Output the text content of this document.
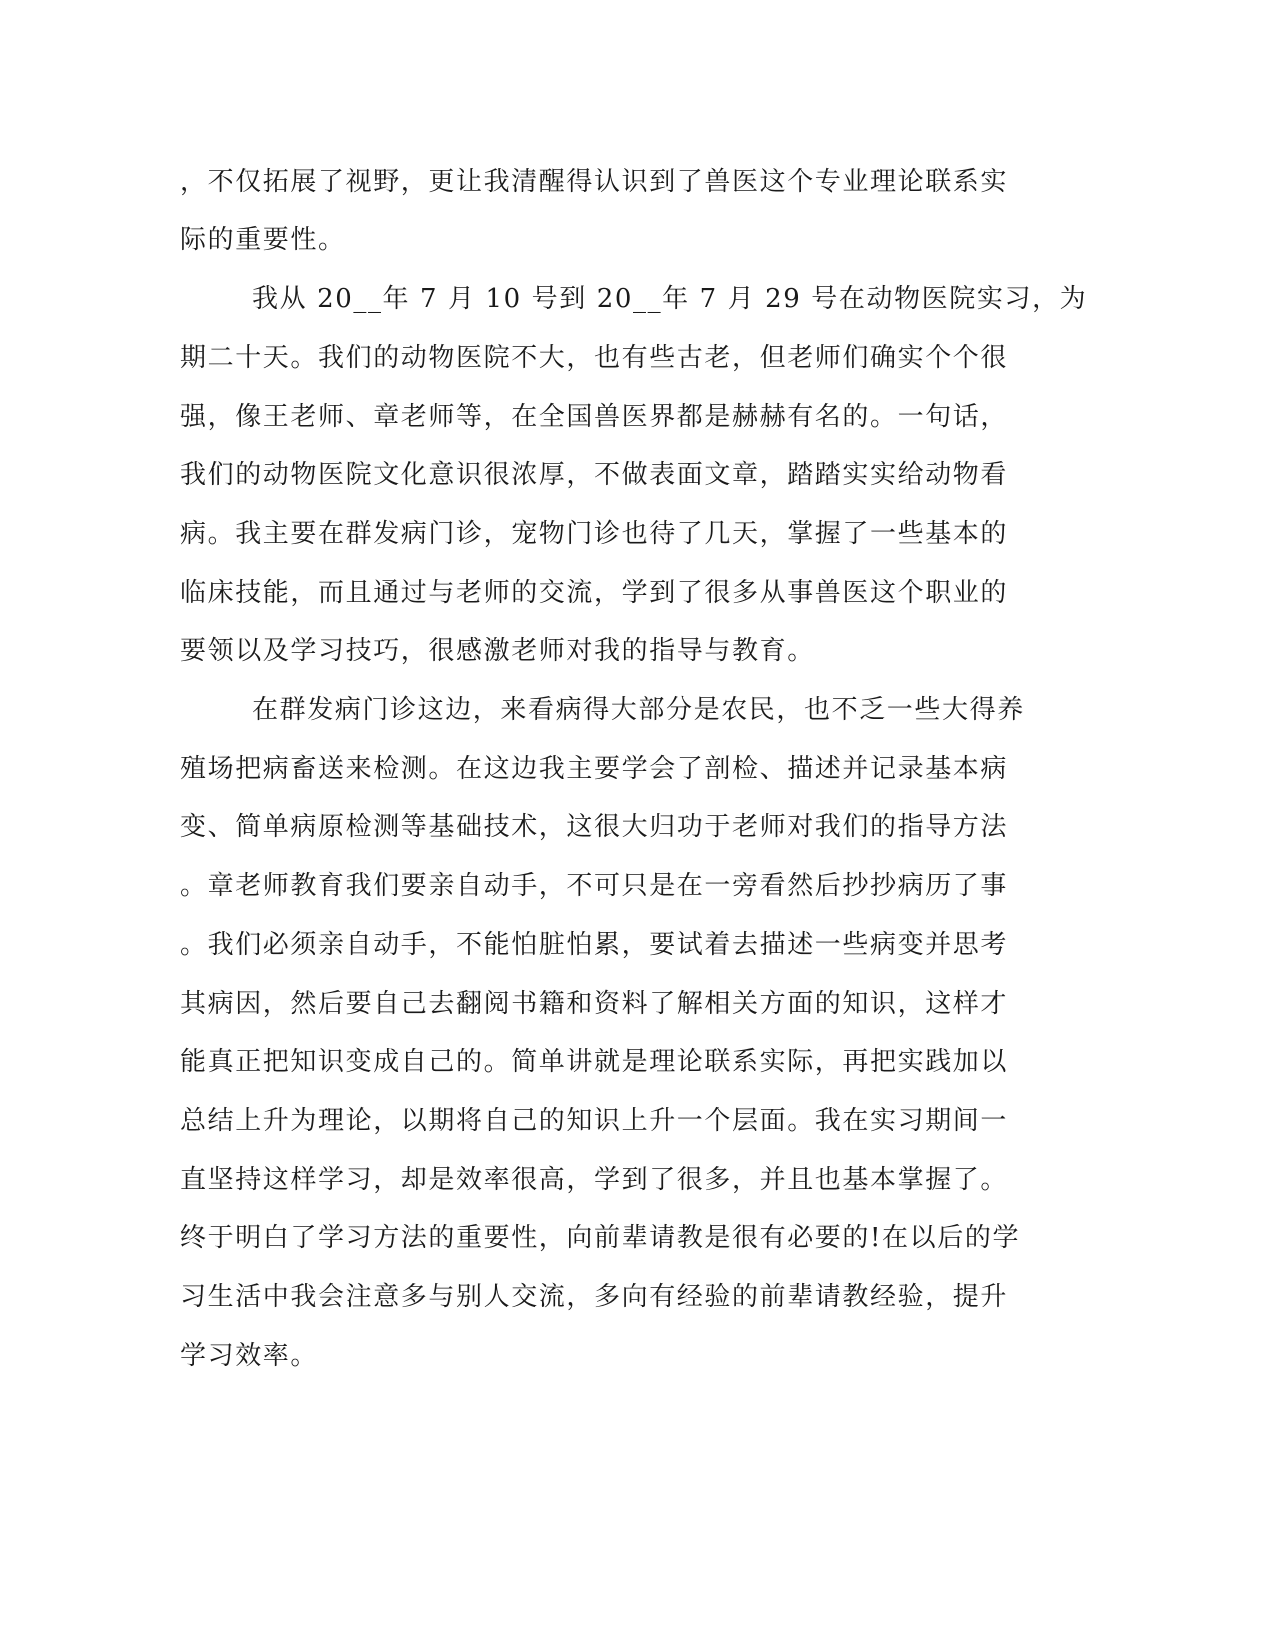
，不仅拓展了视野，更让我清醒得认识到了兽医这个专业理论联系实
际的重要性。
我从 20__年 7 月 10 号到 20__年 7 月 29 号在动物医院实习，为
期二十天。我们的动物医院不大，也有些古老，但老师们确实个个很
强，像王老师、章老师等，在全国兽医界都是赫赫有名的。一句话，
我们的动物医院文化意识很浓厚，不做表面文章，踏踏实实给动物看
病。我主要在群发病门诊，宠物门诊也待了几天，掌握了一些基本的
临床技能，而且通过与老师的交流，学到了很多从事兽医这个职业的
要领以及学习技巧，很感激老师对我的指导与教育。
在群发病门诊这边，来看病得大部分是农民，也不乏一些大得养
殖场把病畜送来检测。在这边我主要学会了剖检、描述并记录基本病
变、简单病原检测等基础技术，这很大归功于老师对我们的指导方法
。章老师教育我们要亲自动手，不可只是在一旁看然后抄抄病历了事
。我们必须亲自动手，不能怕脏怕累，要试着去描述一些病变并思考
其病因，然后要自己去翻阅书籍和资料了解相关方面的知识，这样才
能真正把知识变成自己的。简单讲就是理论联系实际，再把实践加以
总结上升为理论，以期将自己的知识上升一个层面。我在实习期间一
直坚持这样学习，却是效率很高，学到了很多，并且也基本掌握了。
终于明白了学习方法的重要性，向前辈请教是很有必要的!在以后的学
习生活中我会注意多与别人交流，多向有经验的前辈请教经验，提升
学习效率。
